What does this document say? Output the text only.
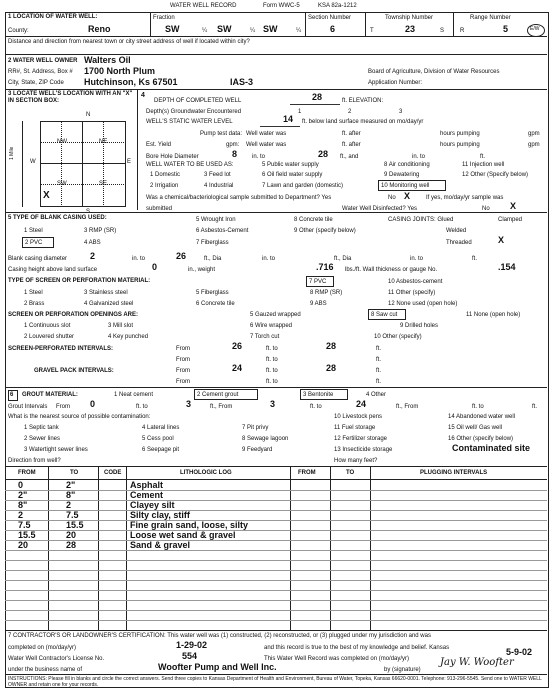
WATER WELL RECORD	Form WWC-5	KSA 82a-1212
1 LOCATION OF WATER WELL:
County:	Reno
Fraction
SW	¼ SW	¼ SW	¼
Section Number
6
Township Number
T	23	S
Range Number
R	5	E/W
Distance and direction from nearest town or city street address of well if located within city?
2 WATER WELL OWNER Walters Oil
RR#, St. Address, Box # 1700 North Plum
City, State, ZIP Code Hutchinson, Ks 67501	IAS-3
Board of Agriculture, Division of Water Resources
Application Number:
3 LOCATE WELL'S LOCATION WITH AN "X" IN SECTION BOX:
N
S
W	E
1 Mile
NW	NE
SW	SE
X
4
DEPTH OF COMPLETED WELL	28	ft. ELEVATION:
Depth(s) Groundwater Encountered	1	2	3
WELL'S STATIC WATER LEVEL	14 ft. below land surface measured on mo/day/yr
Pump test data: Well water was	ft. after	hours pumping	gpm
Est. Yield	gpm: Well water was	ft. after	hours pumping	gpm
Bore Hole Diameter	8 in. to	28 ft., and	in. to	ft.
WELL WATER TO BE USED AS:
1 Domestic	3 Feed lot
5 Public water supply	8 Air conditioning	11 Injection well
2 Irrigation	4 Industrial
6 Oil field water supply	9 Dewatering	12 Other (Specify below)
7 Lawn and garden (domestic)	10 Monitoring well
Was a chemical/bacteriological sample submitted to Department? Yes	No X	If yes, mo/day/yr sample was
submitted	Water Well Disinfected? Yes	No X
5 TYPE OF BLANK CASING USED:
1 Steel	3 RMP (SR)
5 Wrought Iron	8 Concrete tile
2 PVC	4 ABS
6 Asbestos-Cement	9 Other (specify below)
7 Fiberglass
CASING JOINTS: Glued	Clamped
Welded
Threaded	X
Blank casing diameter	2	in. to	26	ft., Dia	in. to	ft., Dia	in. to	ft.
Casing height above land surface	0	in., weight	.716 lbs./ft. Wall thickness or gauge No.	.154
TYPE OF SCREEN OR PERFORATION MATERIAL:
1 Steel	3 Stainless steel	5 Fiberglass
7 PVC	10 Asbestos-cement
2 Brass	4 Galvanized steel	6 Concrete tile
8 RMP (SR)	11 Other (specify)
9 ABS	12 None used (open hole)
SCREEN OR PERFORATION OPENINGS ARE:	5 Gauzed wrapped	8 Saw cut	11 None (open hole)
1 Continuous slot	3 Mill slot	6 Wire wrapped	9 Drilled holes
2 Louvered shutter	4 Key punched	7 Torch cut	10 Other (specify)
SCREEN-PERFORATED INTERVALS:	From	26	ft. to	28	ft.
From	ft. to	ft.
GRAVEL PACK INTERVALS:	From	24	ft. to	28	ft.
From	ft. to	ft.
6 GROUT MATERIAL:	1 Neat cement	2 Cement grout	3 Bentonite	4 Other
Grout Intervals From 0	ft. to	3	ft., From	3	ft. to	24	ft., From	ft. to	ft.
What is the nearest source of possible contamination:
1 Septic tank	4 Lateral lines	7 Pit privy
10 Livestock pens	14 Abandoned water well
2 Sewer lines	5 Cess pool	8 Sewage lagoon
11 Fuel storage	15 Oil well/ Gas well
3 Watertight sewer lines	6 Seepage pit	9 Feedyard
12 Fertilizer storage	16 Other (specify below)
13 Insecticide storage	Contaminated site
Direction from well?	How many feet?
FROM	TO	CODE	LITHOLOGIC LOG	FROM	TO	PLUGGING INTERVALS
0	2"	Asphalt
2"	8"	Cement
8"	2	Clayey silt
2	7.5	Silty clay, stiff
7.5	15.5	Fine grain sand, loose, silty
15.5	20	Loose wet sand & gravel
20	28	Sand & gravel
7 CONTRACTOR'S OR LANDOWNER'S CERTIFICATION: This water well was (1) constructed, (2) reconstructed, or (3) plugged under my jurisdiction and was
completed on (mo/day/yr)	1-29-02	and this record is true to the best of my knowledge and belief. Kansas
Water Well Contractor's License No.	554	This Water Well Record was completed on (mo/day/yr)
5-9-02
under the business name of	Woofter Pump and Well Inc.	by (signature)
Jay W. Woofter
INSTRUCTIONS: Please fill in blanks and circle the correct answers. Send three copies to Kansas Department of Health and Environment, Bureau of Water, Topeka, Kansas 66620-0001. Telephone: 913-296-5545. Send one to WATER WELL OWNER and retain one for your records.
